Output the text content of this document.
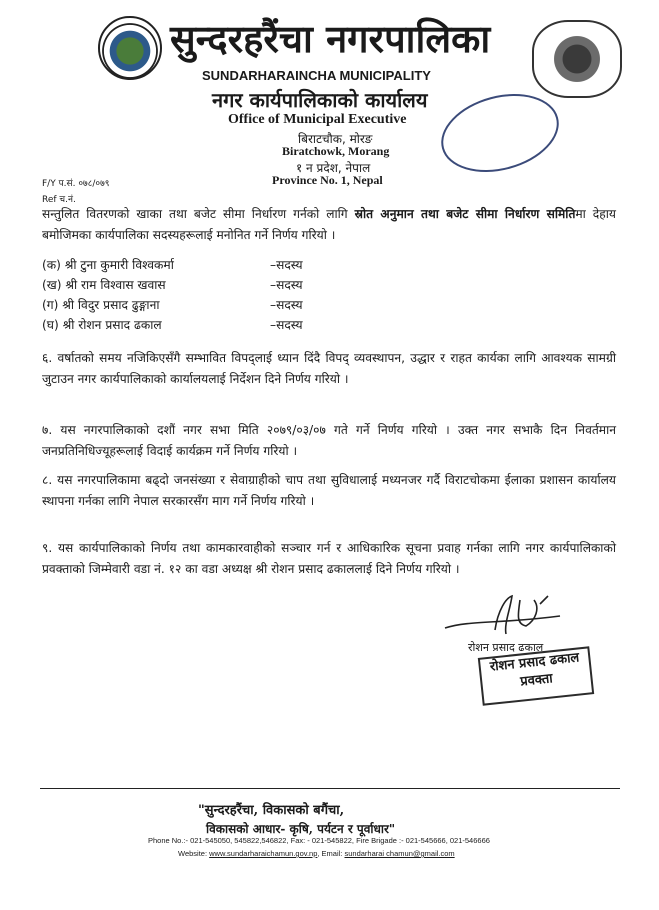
सुन्दरहरैंचा नगरपालिका
SUNDARHARAINCHA MUNICIPALITY
नगर कार्यपालिकाको कार्यालय
Office of Municipal Executive
बिराटचौक, मोरङ
Biratchowk, Morang
१ न प्रदेश, नेपाल
Province No. 1, Nepal
F/Y प.सं. ०७८/०७९
Ref च.नं.
सन्तुलित वितरणको खाका तथा बजेट सीमा निर्धारण गर्नको लागि स्रोत अनुमान तथा बजेट सीमा निर्धारण समितिमा देहाय बमोजिमका कार्यपालिका सदस्यहरूलाई मनोनित गर्ने निर्णय गरियो ।
(क) श्री टुना कुमारी विश्वकर्मा	–सदस्य
(ख) श्री राम विश्वास खवास	–सदस्य
(ग) श्री विदुर प्रसाद ढुङ्गाना	–सदस्य
(घ) श्री रोशन प्रसाद ढकाल	–सदस्य
६. वर्षातको समय नजिकिएसँगै सम्भावित विपद्लाई ध्यान दिंदै विपद् व्यवस्थापन, उद्धार र राहत कार्यका लागि आवश्यक सामग्री जुटाउन नगर कार्यपालिकाको कार्यालयलाई निर्देशन दिने निर्णय गरियो ।
७. यस नगरपालिकाको दशौं नगर सभा मिति २०७९/०३/०७ गते गर्ने निर्णय गरियो । उक्त नगर सभाकै दिन निवर्तमान जनप्रतिनिधिज्यूहरूलाई विदाई कार्यक्रम गर्ने निर्णय गरियो ।
८. यस नगरपालिकामा बढ्दो जनसंख्या र सेवाग्राहीको चाप तथा सुविधालाई मध्यनजर गर्दै विराटचोकमा ईलाका प्रशासन कार्यालय स्थापना गर्नका लागि नेपाल सरकारसँग माग गर्ने निर्णय गरियो ।
९. यस कार्यपालिकाको निर्णय तथा कामकारवाहीको सञ्चार गर्न र आधिकारिक सूचना प्रवाह गर्नका लागि नगर कार्यपालिकाको प्रवक्ताको जिम्मेवारी वडा नं. १२ का वडा अध्यक्ष श्री रोशन प्रसाद ढकाललाई दिने निर्णय गरियो ।
रोशन प्रसाद ढकाल
रोशन प्रसाद ढकाल
प्रवक्ता
"सुन्दरहरैंचा, विकासको बगैंचा,
विकासको आधार- कृषि, पर्यटन र पूर्वाधार"
Phone No.:- 021-545050, 545822,546822, Fax: - 021-545822, Fire Brigade :- 021-545666, 021-546666
Website: www.sundarharaichamun.gov.np, Email: sundarharai chamun@gmail.com
